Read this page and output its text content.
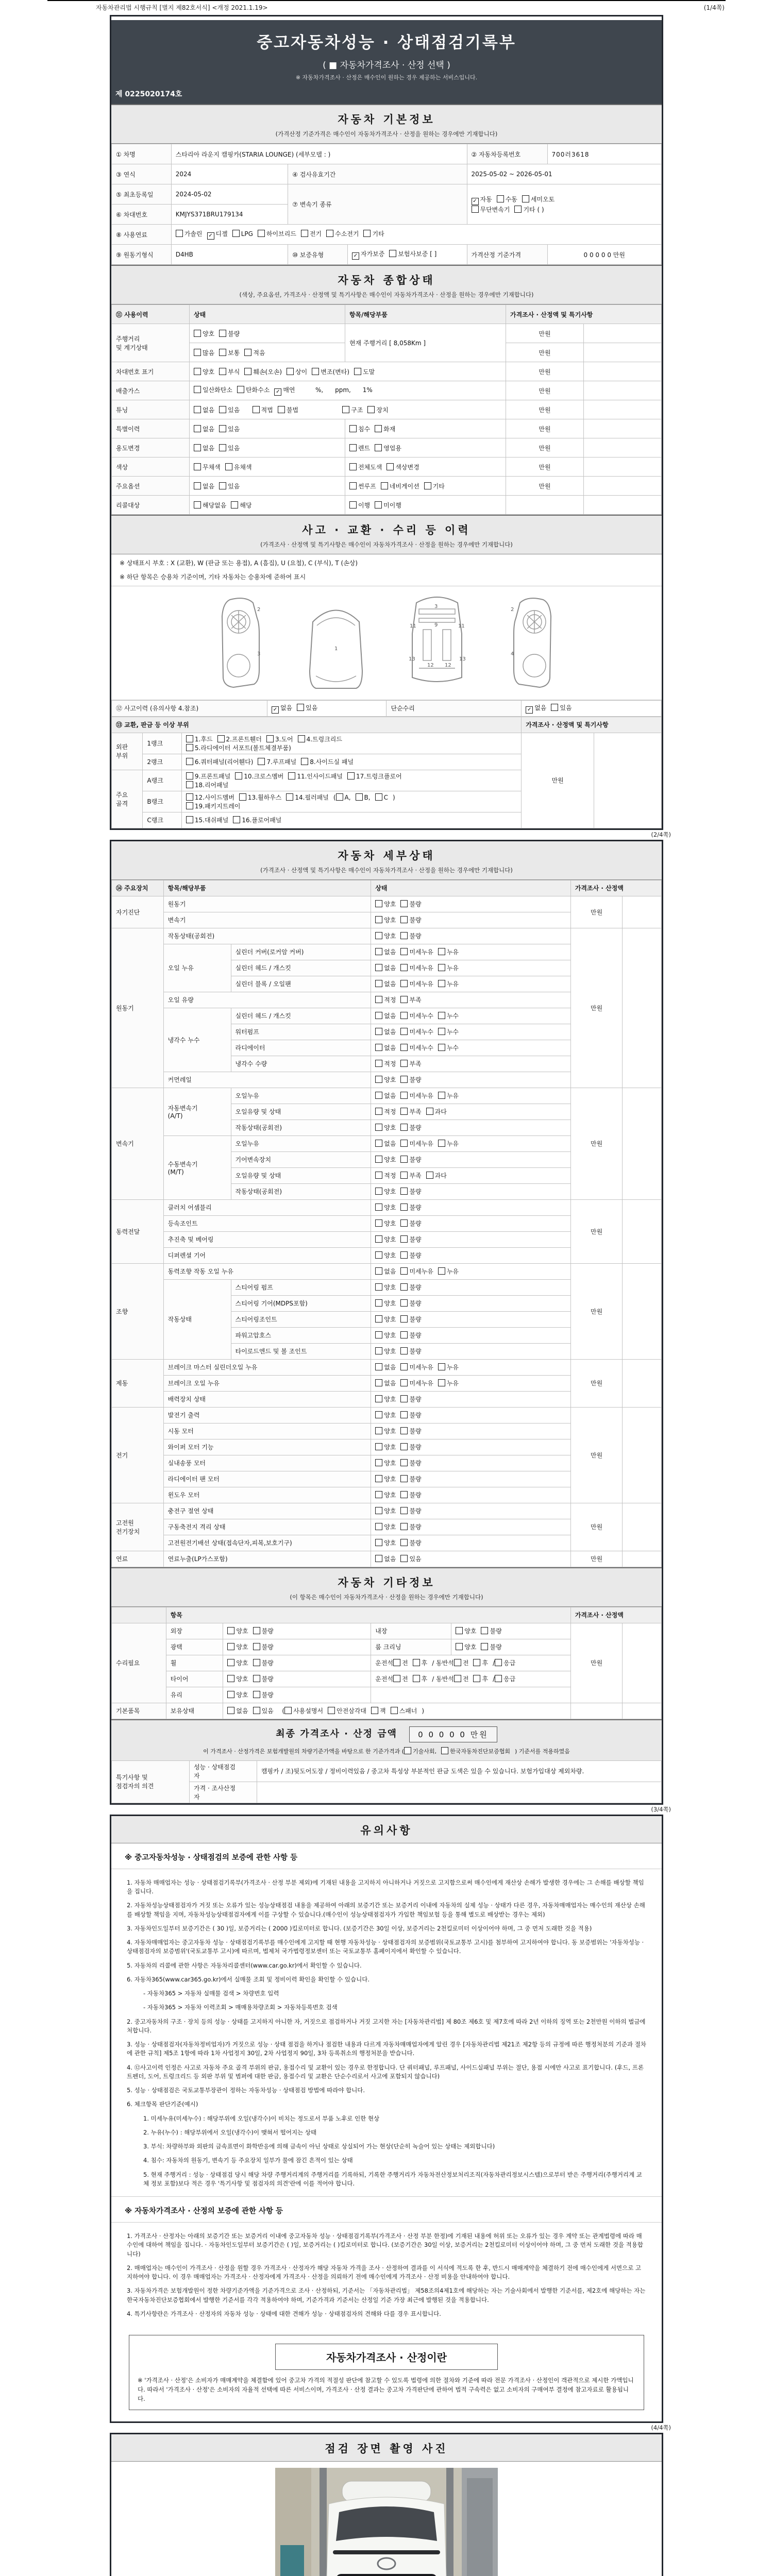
자동차관리법 시행규칙 [별지 제82호서식] <개정 2021.1.19>	(1/4쪽)
중고자동차성능 · 상태점검기록부
( ■ 자동차가격조사 · 산정 선택 )
※ 자동차가격조사 · 산정은 매수인이 원하는 경우 제공하는 서비스입니다.
제 0225020174호
자동차 기본정보
(가격산정 기준가격은 매수인이 자동차가격조사 · 산정을 원하는 경우에만 기재합니다)
① 차명	스타리아 라운지 캠핑카(STARIA LOUNGE) (세부모델 : )			② 자동차등록번호	700러3618
③ 연식	2024	④ 검사유효기간		2025-05-02 ~ 2026-05-01	
⑤ 최초등록일	2024-05-02	⑦ 변속기 종류		✓ 자동 수동 세미오토
무단변속기 기타 ( )	
⑥ 차대번호	KMJYS371BRU179134				
⑧ 사용연료	가솔린 ✓ 디젤 LPG 하이브리드 전기 수소전기 기타				
⑨ 원동기형식	D4HB	⑩ 보증유형	✓ 자가보증 보험사보증 [ ]	가격산정 기준가격	0 0 0 0 0 만원
자동차 종합상태
(색상, 주요옵션, 가격조사 · 산정액 및 특기사항은 매수인이 자동차가격조사 · 산정을 원하는 경우에만 기재합니다)
⑪ 사용이력	상태	항목/해당부품	가격조사 · 산정액 및 특기사항	
주행거리
및 계기상태	양호 불량	현재 주행거리 [ 8,058Km ]	만원	
	많음 보통 적음		만원	
차대번호 표기	양호 부식 훼손(오손) 상이 변조(변타) 도말		만원	
배출가스	일산화탄소 탄화수소 ✓ 매연        %,      ppm,      1%		만원	
튜닝	없음 있음 적법 불법 구조 장치		만원	
특별이력	없음 있음	침수 화재	만원	
용도변경	없음 있음	렌트 영업용	만원	
색상	무채색 유채색	전체도색 색상변경	만원	
주요옵션	없음 있음	썬루프 네비게이션 기타	만원	
리콜대상	해당없음 해당	이행 미이행		
사고 · 교환 · 수리 등 이력
(가격조사 · 산정액 및 특기사항은 매수인이 자동차가격조사 · 산정을 원하는 경우에만 기재합니다)
※ 상태표시 부호 : X (교환), W (판금 또는 용접), A (흠집), U (요철), C (부식), T (손상)
※ 하단 항목은 승용차 기준이며, 기타 자동차는 승용차에 준하여 표시
2
3
1
11	11
3
9
13	13
12 12
2
4
⑫ 사고이력 (유의사항 4.참조)	✓ 없음 있음	단순수리	✓ 없음 있음
⑬ 교환, 판금 등 이상 부위			가격조사 · 산정액 및 특기사항	
외판
부위	1랭크	1.후드 2.프론트휀더 3.도어 4.트렁크리드
5.라디에이터 서포트(볼트체결부품)	만원	
	2랭크	6.쿼터패널(리어휀다) 7.루프패널 8.사이드실 패널		
주요
골격	A랭크	9.프론트패널 10.크로스멤버 11.인사이드패널 17.트렁크플로어
18.리어패널		
	B랭크	12.사이드멤버 13.휠하우스 14.필러패널 ( A, B, C )
19.패키지트레이		
	C랭크	15.대쉬패널 16.플로어패널		
(2/4쪽)
자동차 세부상태
(가격조사 · 산정액 및 특기사항은 매수인이 자동차가격조사 · 산정을 원하는 경우에만 기재합니다)
⑭ 주요장치	항목/해당부품		상태	가격조사 · 산정액	
자기진단	원동기		양호 불량	만원	
	변속기		양호 불량		
원동기	작동상태(공회전)		양호 불량	만원	
	오일 누유	실린더 커버(로커암 커버)	없음 미세누유 누유		
		실린더 헤드 / 개스킷	없음 미세누유 누유		
		실린더 블록 / 오일팬	없음 미세누유 누유		
	오일 유량		적정 부족		
	냉각수 누수	실린더 헤드 / 개스킷	없음 미세누수 누수		
		워터펌프	없음 미세누수 누수		
		라디에이터	없음 미세누수 누수		
		냉각수 수량	적정 부족		
	커먼레일		양호 불량		
변속기	자동변속기
(A/T)	오일누유	없음 미세누유 누유	만원	
		오일유량 및 상태	적정 부족 과다		
		작동상태(공회전)	양호 불량		
	수동변속기
(M/T)	오일누유	없음 미세누유 누유		
		기어변속장치	양호 불량		
		오일유량 및 상태	적정 부족 과다		
		작동상태(공회전)	양호 불량		
동력전달	클러치 어셈블리		양호 불량	만원	
	등속조인트		양호 불량		
	추진축 및 베어링		양호 불량		
	디퍼렌셜 기어		양호 불량		
조향	동력조향 작동 오일 누유		없음 미세누유 누유	만원	
	작동상태	스티어링 펌프	양호 불량		
		스티어링 기어(MDPS포함)	양호 불량		
		스티어링조인트	양호 불량		
		파워고압호스	양호 불량		
		타이로드엔드 및 볼 조인트	양호 불량		
제동	브레이크 마스터 실린더오일 누유		없음 미세누유 누유	만원	
	브레이크 오일 누유		없음 미세누유 누유		
	배력장치 상태		양호 불량		
전기	발전기 출력		양호 불량	만원	
	시동 모터		양호 불량		
	와이퍼 모터 기능		양호 불량		
	실내송풍 모터		양호 불량		
	라디에이터 팬 모터		양호 불량		
	윈도우 모터		양호 불량		
고전원
전기장치	충전구 절연 상태		양호 불량	만원	
	구동축전지 격리 상태		양호 불량		
	고전원전기배선 상태(접속단자,피복,보호기구)		양호 불량		
연료	연료누출(LP가스포함)		없음 있음	만원	
자동차 기타정보
(이 항목은 매수인이 자동차가격조사 · 산정을 원하는 경우에만 기재합니다)
	항목				가격조사 · 산정액	
수리필요	외장	양호 불량	내장	양호 불량	만원	
	광택	양호 불량	룸 크리닝	양호 불량		
	휠	양호 불량	운전석 전 후 / 동반석 전 후 / 응급			
	타이어	양호 불량	운전석 전 후 / 동반석 전 후 / 응급			
	유리	양호 불량				
기본품목	보유상태	없음 있음  ( 사용설명서 안전삼각대 잭 스패너 )				
최종 가격조사 · 산정 금액	0 0 0 0 0 만원
이 가격조사 · 산정가격은 보험개발원의 차량기준가액을 바탕으로 한 기준가격과 ( 기술사회, 한국자동차진단보증협회 ) 기준서를 적용하였음
특기사항 및
점검자의 의견	성능 · 상태점검
자	캠핑카 / 조)뒷도어도장 / 정비이력있음 / 중고차 특성상 부분적인 판금 도색은 있을 수 있습니다. 보험가입대상 제외차량.
	가격 · 조사산정
자	
(3/4쪽)
유의사항
※ 중고자동차성능 · 상태점검의 보증에 관한 사항 등

1. 자동차 매매업자는 성능 · 상태점검기록부(가격조사 · 산정 부분 제외)에 기재된 내용을 고지하지 아니하거나 거짓으로 고지함으로써 매수인에게 재산상 손해가 발생한 경우에는 그 손해를 배상할 책임을 집니다.

2. 자동차성능상태점검자가 거짓 또는 오류가 있는 성능상태점검 내용을 제공하여 아래의 보증기간 또는 보증거리 이내에 자동차의 실제 성능 · 상태가 다른 경우, 자동차매매업자는 매수인의 재산상 손해를 배상할 책임을 지며, 자동차성능상태점검자에게 이를 구상할 수 있습니다.(매수인이 성능상태점검자가 가입한 책임보험 등을 통해 별도로 배상받는 경우는 제외)

3. 자동차인도일부터 보증기간은 ( 30 )일, 보증거리는 ( 2000 )킬로미터로 합니다. (보증기간은 30일 이상, 보증거리는 2천킬로미터 이상이어야 하며, 그 중 먼저 도래한 것을 적용)

4. 자동차매매업자는 중고자동차 성능 · 상태점검기록부를 매수인에게 고지할 때 현행 자동차성능 · 상태점검자의 보증범위(국토교통부 고시)를 첨부하여 고지하여야 합니다. 동 보증범위는 '자동차성능 · 상태점검자의 보증범위'(국토교통부 고시)에 따르며, 법제처 국가법령정보센터 또는 국토교통부 홈페이지에서 확인할 수 있습니다.

5. 자동차의 리콜에 관한 사항은 자동차리콜센터(www.car.go.kr)에서 확인할 수 있습니다.

6. 자동차365(www.car365.go.kr)에서 실매물 조회 및 정비이력 확인을 확인할 수 있습니다.

- 자동차365 > 자동차 실매물 검색 > 차량번호 입력

- 자동차365 > 자동차 이력조회 > 매매용차량조회 > 자동차등록번호 검색

2. 중고자동차의 구조 · 장치 등의 성능 · 상태를 고지하지 아니한 자, 거짓으로 점검하거나 거짓 고지한 자는 [자동차관리법] 제 80조 제6호 및 제7호에 따라 2년 이하의 징역 또는 2천만원 이하의 벌금에 처합니다.

3. 성능 · 상태점검자(자동차정비업자)가 거짓으로 성능 · 상태 점검을 하거나 점검한 내용과 다르게 자동차매매업자에게 알린 경우 [자동차관리법 제21조 제2항 등의 규정에 따른 행정처분의 기준과 절차에 관한 규칙] 제5조 1항에 따라 1차 사업정지 30일, 2차 사업정지 90일, 3차 등록취소의 행정처분을 받습니다.

4. ⑫사고이력 인정은 사고로 자동차 주요 골격 부위의 판금, 용접수리 및 교환이 있는 경우로 한정합니다. 단 쿼터패널, 루프패널, 사이드실패널 부위는 절단, 용접 시에만 사고로 표기합니다. (후드, 프론트펜더, 도어, 트렁크리드 등 외판 부위 및 범퍼에 대한 판금, 용접수리 및 교환은 단순수리로서 사고에 포함되지 않습니다)

5. 성능 · 상태점검은 국토교통부장관이 정하는 자동차성능 · 상태점검 방법에 따라야 합니다.

6. 체크항목 판단기준(예시)

1. 미세누유(미세누수) : 해당부위에 오일(냉각수)이 비치는 정도로서 부품 노후로 인한 현상

2. 누유(누수) : 해당부위에서 오일(냉각수)이 맺혀서 떨어지는 상태

3. 부식: 차량하부와 외판의 금속표면이 화학반응에 의해 금속이 아닌 상태로 상실되어 가는 현상(단순히 녹슬어 있는 상태는 제외합니다)

4. 침수: 자동차의 원동기, 변속기 등 주요장치 일부가 물에 잠긴 흔적이 있는 상태

5. 현재 주행거리 : 성능 · 상태점검 당시 해당 차량 주행거리계의 주행거리를 기록하되, 기록한 주행거리가 자동차전산정보처리조직(자동차관리정보시스템)으로부터 받은 주행거리(주행거리계 교체 정보 포함)보다 적은 경우 '특기사항 및 점검자의 의견'란에 이를 적어야 합니다.

※ 자동차가격조사 · 산정의 보증에 관한 사항 등

1. 가격조사 · 산정자는 아래의 보증기간 또는 보증거리 이내에 중고자동차 성능 · 상태점검기록부(가격조사 · 산정 부분 한정)에 기재된 내용에 허위 또는 오류가 있는 경우 계약 또는 관계법령에 따라 매수인에 대하여 책임을 집니다. · 자동차인도일부터 보증기간은 ( )일, 보증거리는 ( )킬로미터로 합니다. (보증기간은 30일 이상, 보증거리는 2천킬로미터 이상이어야 하며, 그 중 먼저 도래한 것을 적용합니다)

2. 매매업자는 매수인이 가격조사 · 산정을 원할 경우 가격조사 · 산정자가 해당 자동차 가격을 조사 · 산정하여 결과를 이 서식에 적도록 한 후, 반드시 매매계약을 체결하기 전에 매수인에게 서면으로 고지하여야 합니다. 이 경우 매매업자는 가격조사 · 산정자에게 가격조사 · 산정을 의뢰하기 전에 매수인에게 가격조사 · 산정 비용을 안내하여야 합니다.

3. 자동차가격은 보험개발원이 정한 차량기준가액을 기준가격으로 조사 · 산정하되, 기준서는 「자동차관리법」 제58조의4제1호에 해당하는 자는 기술사회에서 발행한 기준서를, 제2호에 해당하는 자는 한국자동차진단보증협회에서 발행한 기준서를 각각 적용하여야 하며, 기준가격과 기준서는 산정일 기준 가장 최근에 발행된 것을 적용합니다.

4. 특기사항란은 가격조사 · 산정자의 자동차 성능 · 상태에 대한 견해가 성능 · 상태점검자의 견해와 다를 경우 표시합니다.

자동차가격조사 · 산정이란
※ '가격조사 · 산정'은 소비자가 매매계약을 체결함에 있어 중고차 가격의 적절성 판단에 참고할 수 있도록 법령에 의한 절차와 기준에 따라 전문 가격조사 · 산정인이 객관적으로 제시한 가액입니다. 따라서 '가격조사 · 산정'은 소비자의 자율적 선택에 따른 서비스이며, 가격조사 · 산정 결과는 중고차 가격판단에 관하여 법적 구속력은 없고 소비자의 구매여부 결정에 참고자료로 활용됩니다.
(4/4쪽)
점검 장면 촬영 사진
